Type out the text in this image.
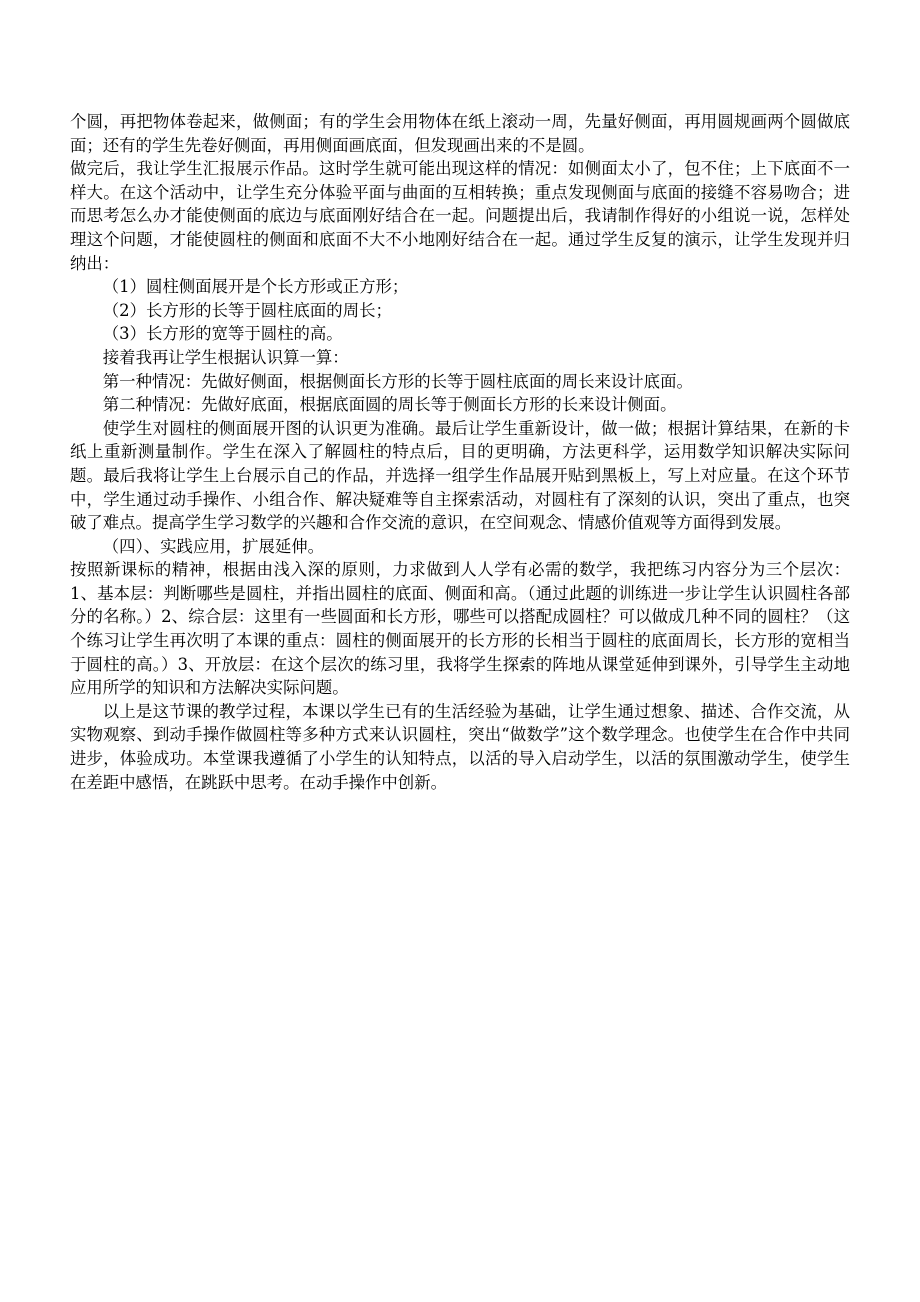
个圆，再把物体卷起来，做侧面；有的学生会用物体在纸上滚动一周，先量好侧面，再用圆规画两个圆做底面；还有的学生先卷好侧面，再用侧面画底面，但发现画出来的不是圆。

做完后，我让学生汇报展示作品。这时学生就可能出现这样的情况：如侧面太小了，包不住；上下底面不一样大。在这个活动中，让学生充分体验平面与曲面的互相转换；重点发现侧面与底面的接缝不容易吻合；进而思考怎么办才能使侧面的底边与底面刚好结合在一起。问题提出后，我请制作得好的小组说一说，怎样处理这个问题，才能使圆柱的侧面和底面不大不小地刚好结合在一起。通过学生反复的演示，让学生发现并归纳出：

（1）圆柱侧面展开是个长方形或正方形；

（2）长方形的长等于圆柱底面的周长；

（3）长方形的宽等于圆柱的高。

接着我再让学生根据认识算一算：

第一种情况：先做好侧面，根据侧面长方形的长等于圆柱底面的周长来设计底面。

第二种情况：先做好底面，根据底面圆的周长等于侧面长方形的长来设计侧面。

使学生对圆柱的侧面展开图的认识更为准确。最后让学生重新设计，做一做；根据计算结果，在新的卡纸上重新测量制作。学生在深入了解圆柱的特点后，目的更明确，方法更科学，运用数学知识解决实际问题。最后我将让学生上台展示自己的作品，并选择一组学生作品展开贴到黑板上，写上对应量。在这个环节中，学生通过动手操作、小组合作、解决疑难等自主探索活动，对圆柱有了深刻的认识，突出了重点，也突破了难点。提高学生学习数学的兴趣和合作交流的意识，在空间观念、情感价值观等方面得到发展。

（四）、实践应用，扩展延伸。

按照新课标的精神，根据由浅入深的原则，力求做到人人学有必需的数学，我把练习内容分为三个层次：1、基本层：判断哪些是圆柱，并指出圆柱的底面、侧面和高。（通过此题的训练进一步让学生认识圆柱各部分的名称。）2、综合层：这里有一些圆面和长方形，哪些可以搭配成圆柱？可以做成几种不同的圆柱？（这个练习让学生再次明了本课的重点：圆柱的侧面展开的长方形的长相当于圆柱的底面周长，长方形的宽相当于圆柱的高。）3、开放层：在这个层次的练习里，我将学生探索的阵地从课堂延伸到课外，引导学生主动地应用所学的知识和方法解决实际问题。

以上是这节课的教学过程，本课以学生已有的生活经验为基础，让学生通过想象、描述、合作交流，从实物观察、到动手操作做圆柱等多种方式来认识圆柱，突出“做数学”这个数学理念。也使学生在合作中共同进步，体验成功。本堂课我遵循了小学生的认知特点，以活的导入启动学生，以活的氛围激动学生，使学生在差距中感悟，在跳跃中思考。在动手操作中创新。
